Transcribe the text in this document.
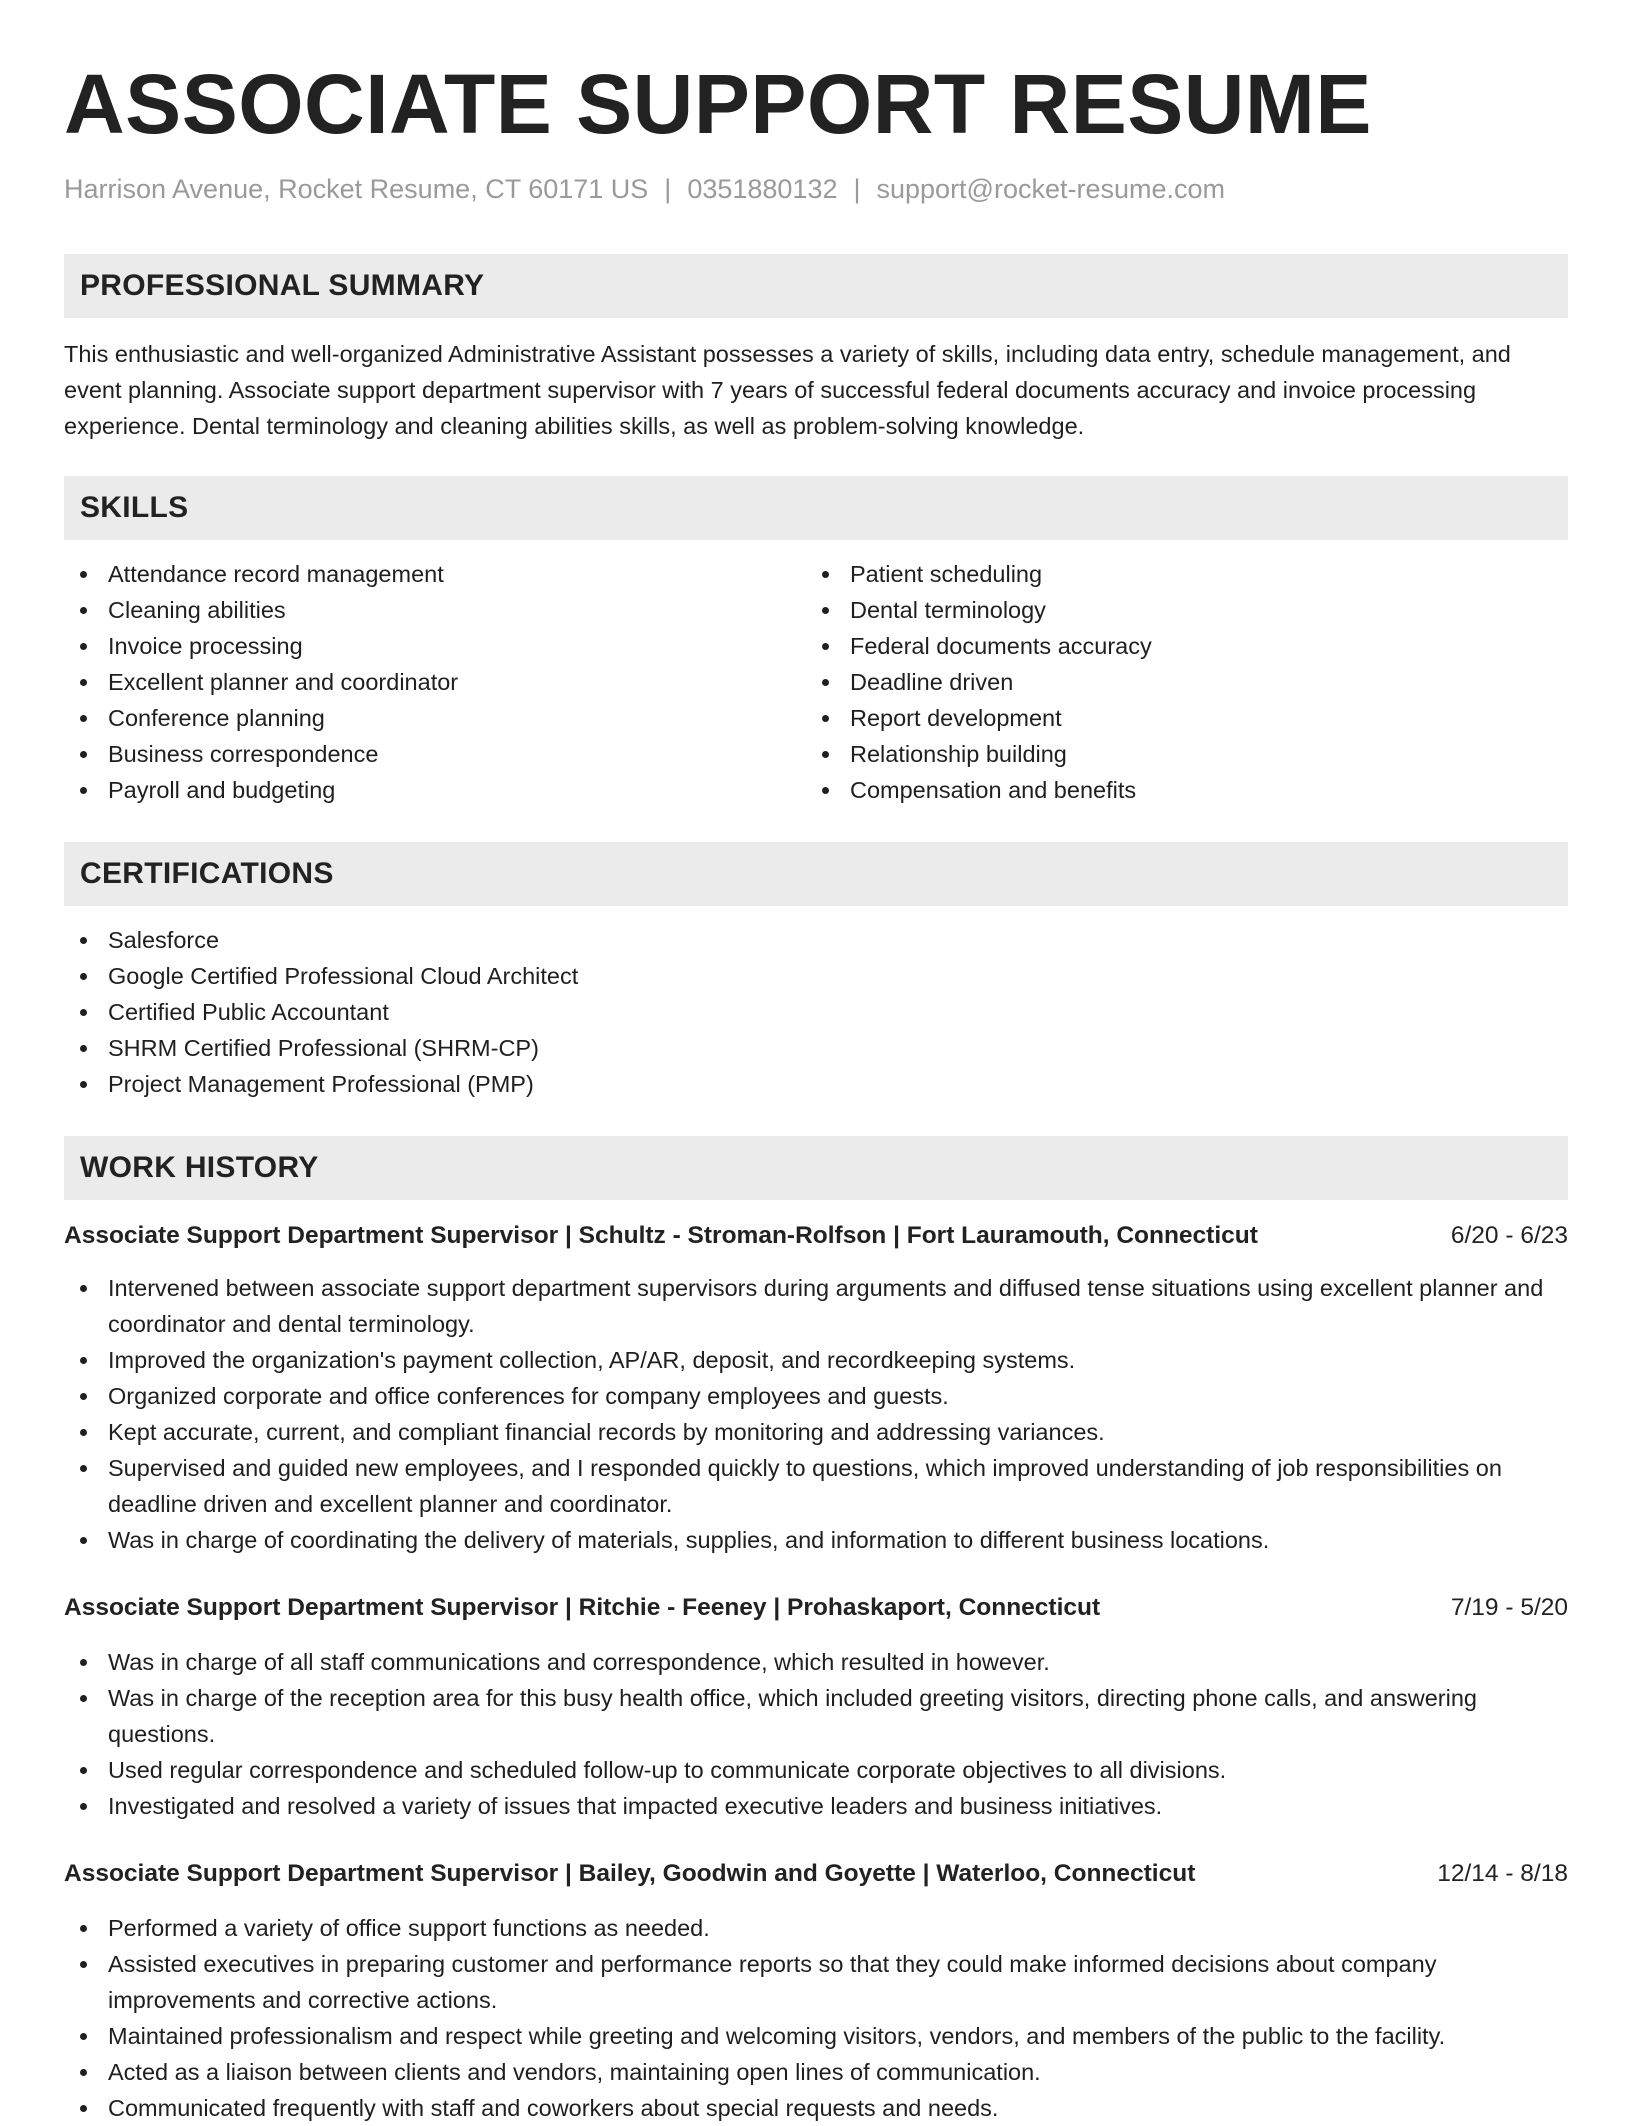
ASSOCIATE SUPPORT RESUME
Harrison Avenue, Rocket Resume, CT 60171 US | 0351880132 | support@rocket-resume.com
PROFESSIONAL SUMMARY
This enthusiastic and well-organized Administrative Assistant possesses a variety of skills, including data entry, schedule management, and event planning. Associate support department supervisor with 7 years of successful federal documents accuracy and invoice processing experience. Dental terminology and cleaning abilities skills, as well as problem-solving knowledge.
SKILLS
Attendance record management
Cleaning abilities
Invoice processing
Excellent planner and coordinator
Conference planning
Business correspondence
Payroll and budgeting
Patient scheduling
Dental terminology
Federal documents accuracy
Deadline driven
Report development
Relationship building
Compensation and benefits
CERTIFICATIONS
Salesforce
Google Certified Professional Cloud Architect
Certified Public Accountant
SHRM Certified Professional (SHRM-CP)
Project Management Professional (PMP)
WORK HISTORY
Associate Support Department Supervisor | Schultz - Stroman-Rolfson | Fort Lauramouth, Connecticut	6/20 - 6/23
Intervened between associate support department supervisors during arguments and diffused tense situations using excellent planner and coordinator and dental terminology.
Improved the organization's payment collection, AP/AR, deposit, and recordkeeping systems.
Organized corporate and office conferences for company employees and guests.
Kept accurate, current, and compliant financial records by monitoring and addressing variances.
Supervised and guided new employees, and I responded quickly to questions, which improved understanding of job responsibilities on deadline driven and excellent planner and coordinator.
Was in charge of coordinating the delivery of materials, supplies, and information to different business locations.
Associate Support Department Supervisor | Ritchie - Feeney | Prohaskaport, Connecticut	7/19 - 5/20
Was in charge of all staff communications and correspondence, which resulted in however.
Was in charge of the reception area for this busy health office, which included greeting visitors, directing phone calls, and answering questions.
Used regular correspondence and scheduled follow-up to communicate corporate objectives to all divisions.
Investigated and resolved a variety of issues that impacted executive leaders and business initiatives.
Associate Support Department Supervisor | Bailey, Goodwin and Goyette | Waterloo, Connecticut	12/14 - 8/18
Performed a variety of office support functions as needed.
Assisted executives in preparing customer and performance reports so that they could make informed decisions about company improvements and corrective actions.
Maintained professionalism and respect while greeting and welcoming visitors, vendors, and members of the public to the facility.
Acted as a liaison between clients and vendors, maintaining open lines of communication.
Communicated frequently with staff and coworkers about special requests and needs.
